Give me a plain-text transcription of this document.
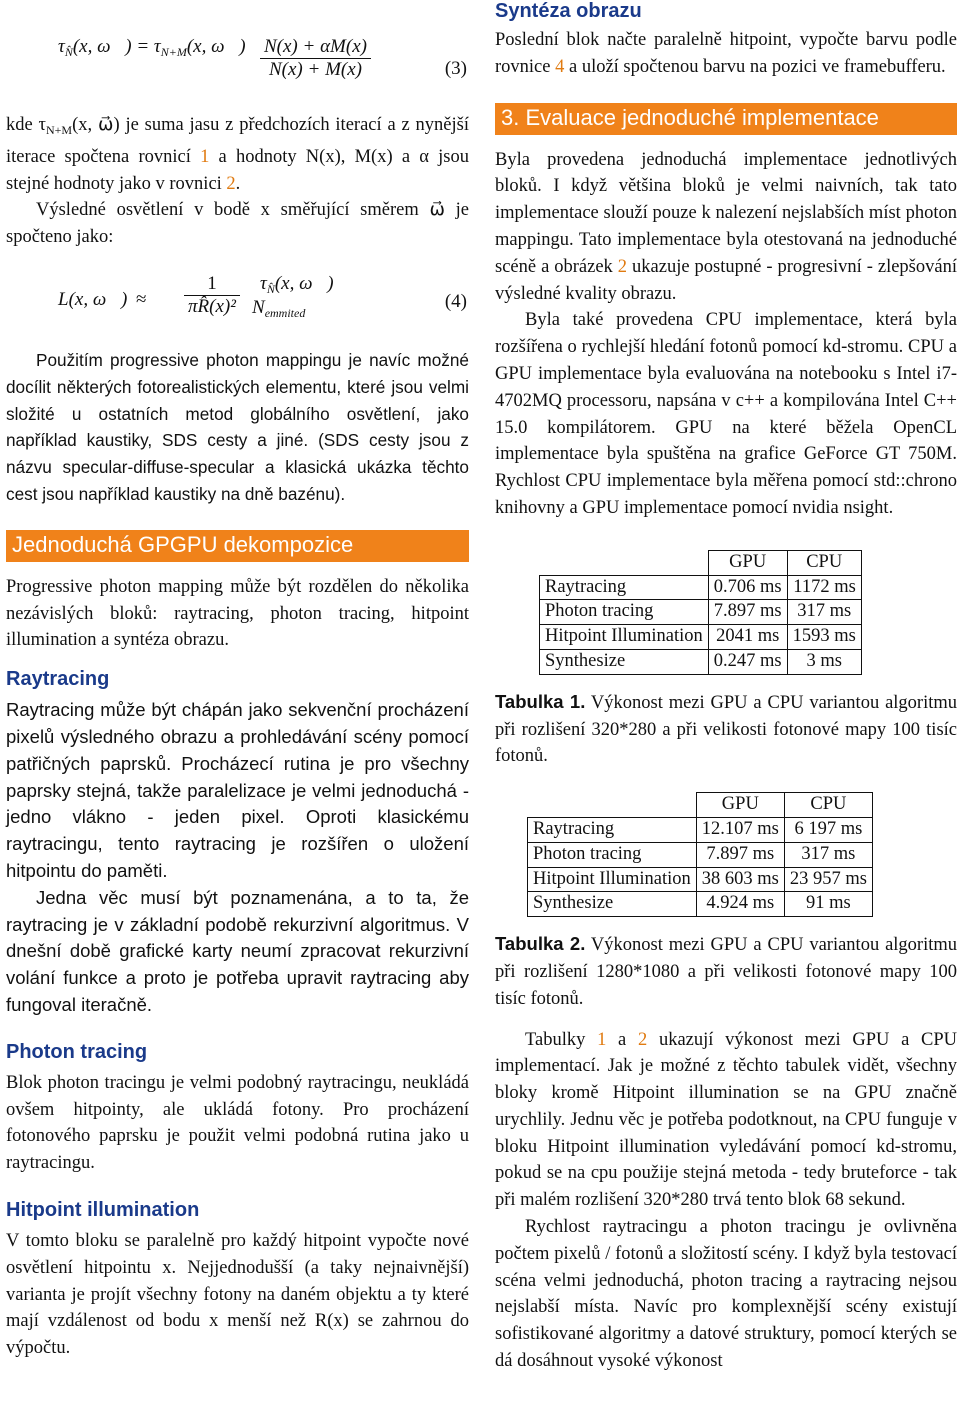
$\tau_{N̂}(x$, ω⃗) = $\tau_{N+M}(x$, ω⃗) $\frac{N(x) + \alpha M(x)}{N(x) + M(x)}$	(3)

kde $\tau_{N+M}(x$, ω⃗) je suma jasu z předchozích iterací a z nynější iterace spočtena rovnicí 1 a hodnoty N(x), M(x) a α jsou stejné hodnoty jako v rovnici 2.

Výsledné osvětlení v bodě x směřující směrem ω⃗ je spočteno jako:

L(x, ω⃗) ≈ $\frac{1}{\text{πR̂(x)²}}$	$\tau_{N̂}(x$, ω⃗)
$N_{emmited}$
(4)

Použitím progressive photon mappingu je navíc možné docílit některých fotorealistických elementu, které jsou velmi složité u ostatních metod globálního osvětlení, jako například kaustiky, SDS cesty a jiné. (SDS cesty jsou z názvu specular-diffuse-specular a klasická ukázka těchto cest jsou například kaustiky na dně bazénu).

Jednoduchá GPGPU dekompozice

Progressive photon mapping může být rozdělen do několika nezávislých bloků: raytracing, photon tracing, hitpoint illumination a syntéza obrazu.

Raytracing

Raytracing může být chápán jako sekvenční procházení pixelů výsledného obrazu a prohledávání scény pomocí patřičných paprsků. Procházecí rutina je pro všechny paprsky stejná, takže paralelizace je velmi jednoduchá - jedno vlákno - jeden pixel. Oproti klasickému raytracingu, tento raytracing je rozšířen o uložení hitpointu do paměti.

Jedna věc musí být poznamenána, a to ta, že raytracing je v základní podobě rekurzivní algoritmus. V dnešní době grafické karty neumí zpracovat rekurzivní volání funkce a proto je potřeba upravit raytracing aby fungoval iteračně.

Photon tracing

Blok photon tracingu je velmi podobný raytracingu, neukládá ovšem hitpointy, ale ukládá fotony. Pro procházení fotonového paprsku je použit velmi podobná rutina jako u raytracingu.

Hitpoint illumination

V tomto bloku se paralelně pro každý hitpoint vypočte nové osvětlení hitpointu x. Nejjednodušší (a taky nejnaivnější) varianta je projít všechny fotony na daném objektu a ty které mají vzdálenost od bodu x menší než R(x) se zahrnou do výpočtu.

Syntéza obrazu

Poslední blok načte paralelně hitpoint, vypočte barvu podle rovnice 4 a uloží spočtenou barvu na pozici ve framebufferu.

3. Evaluace jednoduché implementace

Byla provedena jednoduchá implementace jednotlivých bloků. I když většina bloků je velmi naivních, tak tato implementace slouží pouze k nalezení nejslabších míst photon mappingu. Tato implementace byla otestovaná na jednoduché scéně a obrázek 2 ukazuje postupné - progresivní - zlepšování výsledné kvality obrazu.

Byla také provedena CPU implementace, která byla rozšířena o rychlejší hledání fotonů pomocí kd-stromu. CPU a GPU implementace byla evaluována na notebooku s Intel i7-4702MQ processoru, napsána v c++ a kompilována Intel C++ 15.0 kompilátorem. GPU na které běžela OpenCL implementace byla spuštěna na grafice GeForce GT 750M. Rychlost CPU implementace byla měřena pomocí std::chrono knihovny a GPU implementace pomocí nvidia nsight.

	GPU	CPU
Raytracing	0.706 ms	1172 ms
Photon tracing	7.897 ms	317 ms
Hitpoint Illumination	2041 ms	1593 ms
Synthesize	0.247 ms	3 ms

Tabulka 1. Výkonost mezi GPU a CPU variantou algoritmu při rozlišení 320*280 a při velikosti fotonové mapy 100 tisíc fotonů.

	GPU	CPU
Raytracing	12.107 ms	6 197 ms
Photon tracing	7.897 ms	317 ms
Hitpoint Illumination	38 603 ms	23 957 ms
Synthesize	4.924 ms	91 ms

Tabulka 2. Výkonost mezi GPU a CPU variantou algoritmu při rozlišení 1280*1080 a při velikosti fotonové mapy 100 tisíc fotonů.

Tabulky 1 a 2 ukazují výkonost mezi GPU a CPU implementací. Jak je možné z těchto tabulek vidět, všechny bloky kromě Hitpoint illumination se na GPU značně urychlily. Jednu věc je potřeba podotknout, na CPU funguje v bloku Hitpoint illumination vyledávání pomocí kd-stromu, pokud se na cpu použije stejná metoda - tedy bruteforce - tak při malém rozlišení 320*280 trvá tento blok 68 sekund.

Rychlost raytracingu a photon tracingu je ovlivněna počtem pixelů / fotonů a složitostí scény. I když byla testovací scéna velmi jednoduchá, photon tracing a raytracing nejsou nejslabší místa. Navíc pro komplexnější scény existují sofistikované algoritmy a datové struktury, pomocí kterých se dá dosáhnout vysoké výkonost
